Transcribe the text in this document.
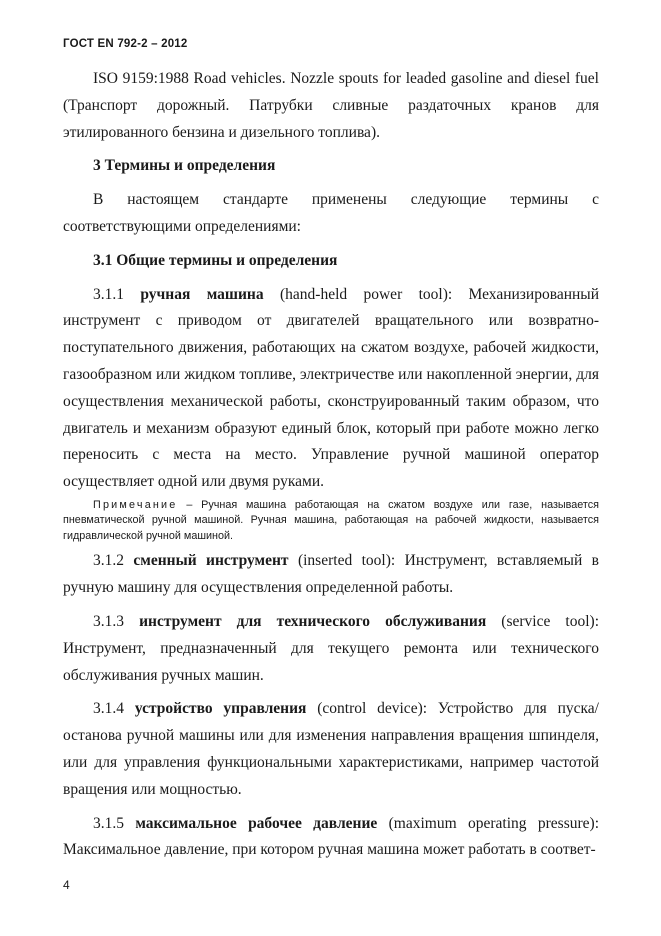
ГОСТ EN 792-2 – 2012

ISO 9159:1988 Road vehicles. Nozzle spouts for leaded gasoline and diesel fuel (Транспорт дорожный. Патрубки сливные раздаточных кранов для этилированного бензина и дизельного топлива).

3 Термины и определения

В настоящем стандарте применены следующие термины с соответствующими определениями:

3.1 Общие термины и определения

3.1.1 ручная машина (hand-held power tool): Механизированный инструмент с приводом от двигателей вращательного или возвратно-поступательного движения, работающих на сжатом воздухе, рабочей жидкости, газообразном или жидком топливе, электричестве или накопленной энергии, для осуществления механической работы, сконструированный таким образом, что двигатель и механизм образуют единый блок, который при работе можно легко переносить с места на место. Управление ручной машиной оператор осуществляет одной или двумя руками.

Примечание – Ручная машина работающая на сжатом воздухе или газе, называется пневматической ручной машиной. Ручная машина, работающая на рабочей жидкости, называется гидравлической ручной машиной.

3.1.2 сменный инструмент (inserted tool): Инструмент, вставляемый в ручную машину для осуществления определенной работы.

3.1.3 инструмент для технического обслуживания (service tool): Инструмент, предназначенный для текущего ремонта или технического обслуживания ручных машин.

3.1.4 устройство управления (control device): Устройство для пуска/останова ручной машины или для изменения направления вращения шпинделя, или для управления функциональными характеристиками, например частотой вращения или мощностью.

3.1.5 максимальное рабочее давление (maximum operating pressure): Максимальное давление, при котором ручная машина может работать в соответ-

4
